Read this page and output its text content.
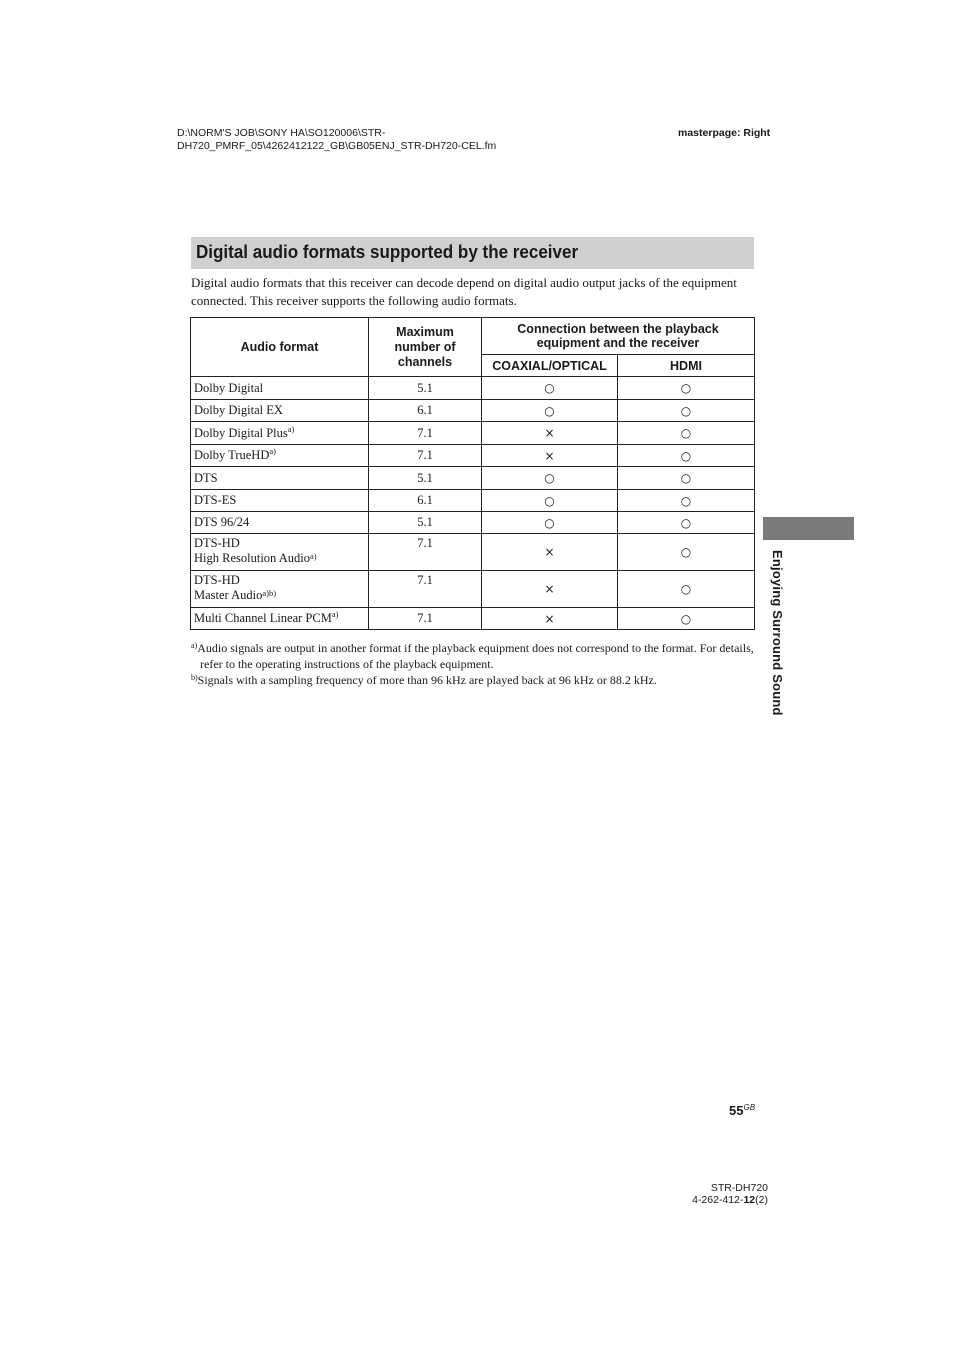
D:\NORM'S JOB\SONY HA\SO120006\STR-
DH720_PMRF_05\4262412122_GB\GB05ENJ_STR-DH720-CEL.fm
masterpage: Right
Digital audio formats supported by the receiver
Digital audio formats that this receiver can decode depend on digital audio output jacks of the equipment connected. This receiver supports the following audio formats.
Audio format	Maximum number of channels	Connection between the playback equipment and the receiver	
		COAXIAL/OPTICAL	HDMI
Dolby Digital	5.1	○	○
Dolby Digital EX	6.1	○	○
Dolby Digital Plus$^{a)}$	7.1	×	○
Dolby TrueHD$^{a)}$	7.1	×	○
DTS	5.1	○	○
DTS-ES	6.1	○	○
DTS 96/24	5.1	○	○
DTS-HD
High Resolution Audio$^{a)}$	7.1	×	○
DTS-HD
Master Audio$^{a)b)}$	7.1	×	○
Multi Channel Linear PCM$^{a)}$	7.1	×	○
$^{a)}$Audio signals are output in another format if the playback equipment does not correspond to the format. For details, refer to the operating instructions of the playback equipment.
$^{b)}$Signals with a sampling frequency of more than 96 kHz are played back at 96 kHz or 88.2 kHz.	Enjoying Surround Sound
$55^{GB}$
STR-DH720
4-262-412-12(2)
